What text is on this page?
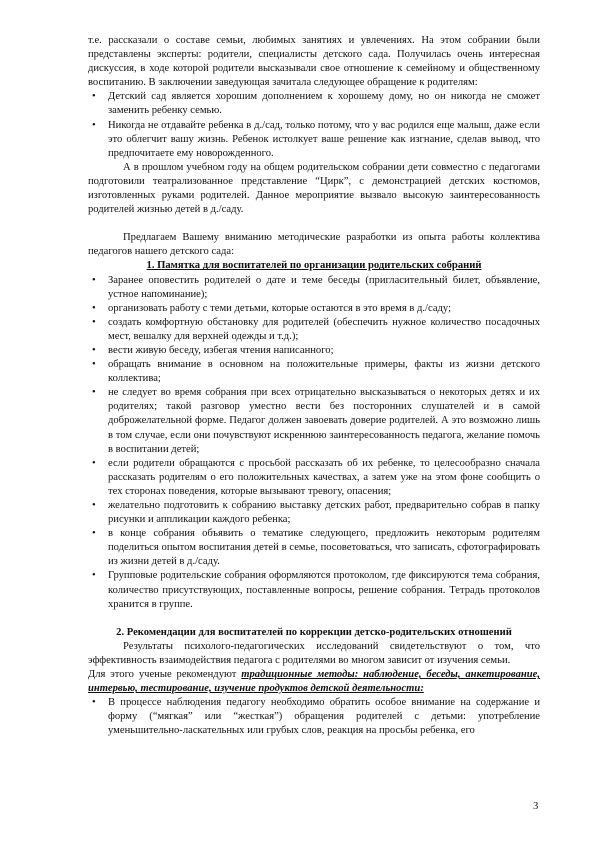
т.е. рассказали о составе семьи, любимых занятиях и увлечениях. На этом собрании были представлены эксперты: родители, специалисты детского сада. Получилась очень интересная дискуссия, в ходе которой родители высказывали свое отношение к семейному и общественному воспитанию. В заключении заведующая зачитала следующее обращение к родителям:

• Детский сад является хорошим дополнением к хорошему дому, но он никогда не сможет заменить ребенку семью.
• Никогда не отдавайте ребенка в д./сад, только потому, что у вас родился еще малыш, даже если это облегчит вашу жизнь. Ребенок истолкует ваше решение как изгнание, сделав вывод, что предпочитаете ему новорожденного.

А в прошлом учебном году на общем родительском собрании дети совместно с педагогами подготовили театрализованное представление “Цирк”, с демонстрацией детских костюмов, изготовленных руками родителей. Данное мероприятие вызвало высокую заинтересованность родителей жизнью детей в д./саду.

Предлагаем Вашему вниманию методические разработки из опыта работы коллектива педагогов нашего детского сада:

1. Памятка для воспитателей по организации родительских собраний

• Заранее оповестить родителей о дате и теме беседы (пригласительный билет, объявление, устное напоминание);
• организовать работу с теми детьми, которые остаются в это время в д./саду;
• создать комфортную обстановку для родителей (обеспечить нужное количество посадочных мест, вешалку для верхней одежды и т.д.);
• вести живую беседу, избегая чтения написанного;
• обращать внимание в основном на положительные примеры, факты из жизни детского коллектива;
• не следует во время собрания при всех отрицательно высказываться о некоторых детях и их родителях; такой разговор уместно вести без посторонних слушателей и в самой доброжелательной форме. Педагог должен завоевать доверие родителей. А это возможно лишь в том случае, если они почувствуют искреннюю заинтересованность педагога, желание помочь в воспитании детей;
• если родители обращаются с просьбой рассказать об их ребенке, то целесообразно сначала рассказать родителям о его положительных качествах, а затем уже на этом фоне сообщить о тех сторонах поведения, которые вызывают тревогу, опасения;
• желательно подготовить к собранию выставку детских работ, предварительно собрав в папку рисунки и аппликации каждого ребенка;
• в конце собрания объявить о тематике следующего, предложить некоторым родителям поделиться опытом воспитания детей в семье, посоветоваться, что записать, сфотографировать из жизни детей в д./саду.
• Групповые родительские собрания оформляются протоколом, где фиксируются тема собрания, количество присутствующих, поставленные вопросы, решение собрания. Тетрадь протоколов хранится в группе.

2. Рекомендации для воспитателей по коррекции детско-родительских отношений

Результаты психолого-педагогических исследований свидетельствуют о том, что эффективность взаимодействия педагога с родителями во многом зависит от изучения семьи.

Для этого ученые рекомендуют традиционные методы: наблюдение, беседы, анкетирование, интервью, тестирование, изучение продуктов детской деятельности:

• В процессе наблюдения педагогу необходимо обратить особое внимание на содержание и форму (“мягкая” или “жесткая”) обращения родителей с детьми: употребление уменьшительно-ласкательных или грубых слов, реакция на просьбы ребенка, его
3
